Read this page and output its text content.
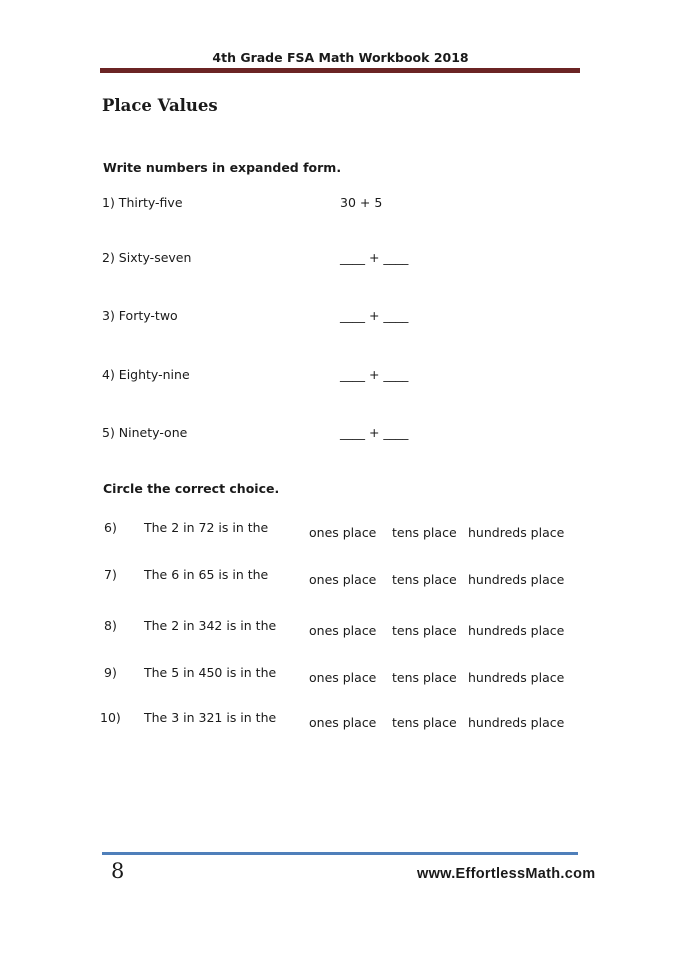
4th Grade FSA Math Workbook 2018
Place Values
Write numbers in expanded form.
1) Thirty-five	30 + 5
2) Sixty-seven	____ + ____
3) Forty-two	____ + ____
4) Eighty-nine	____ + ____
5) Ninety-one	____ + ____
Circle the correct choice.
6) The 2 in 72 is in the	ones place tens place hundreds place
7) The 6 in 65 is in the	ones place tens place hundreds place
8) The 2 in 342 is in the	ones place tens place hundreds place
9) The 5 in 450 is in the	ones place tens place hundreds place
10) The 3 in 321 is in the	ones place tens place hundreds place
8	www.EffortlessMath.com
